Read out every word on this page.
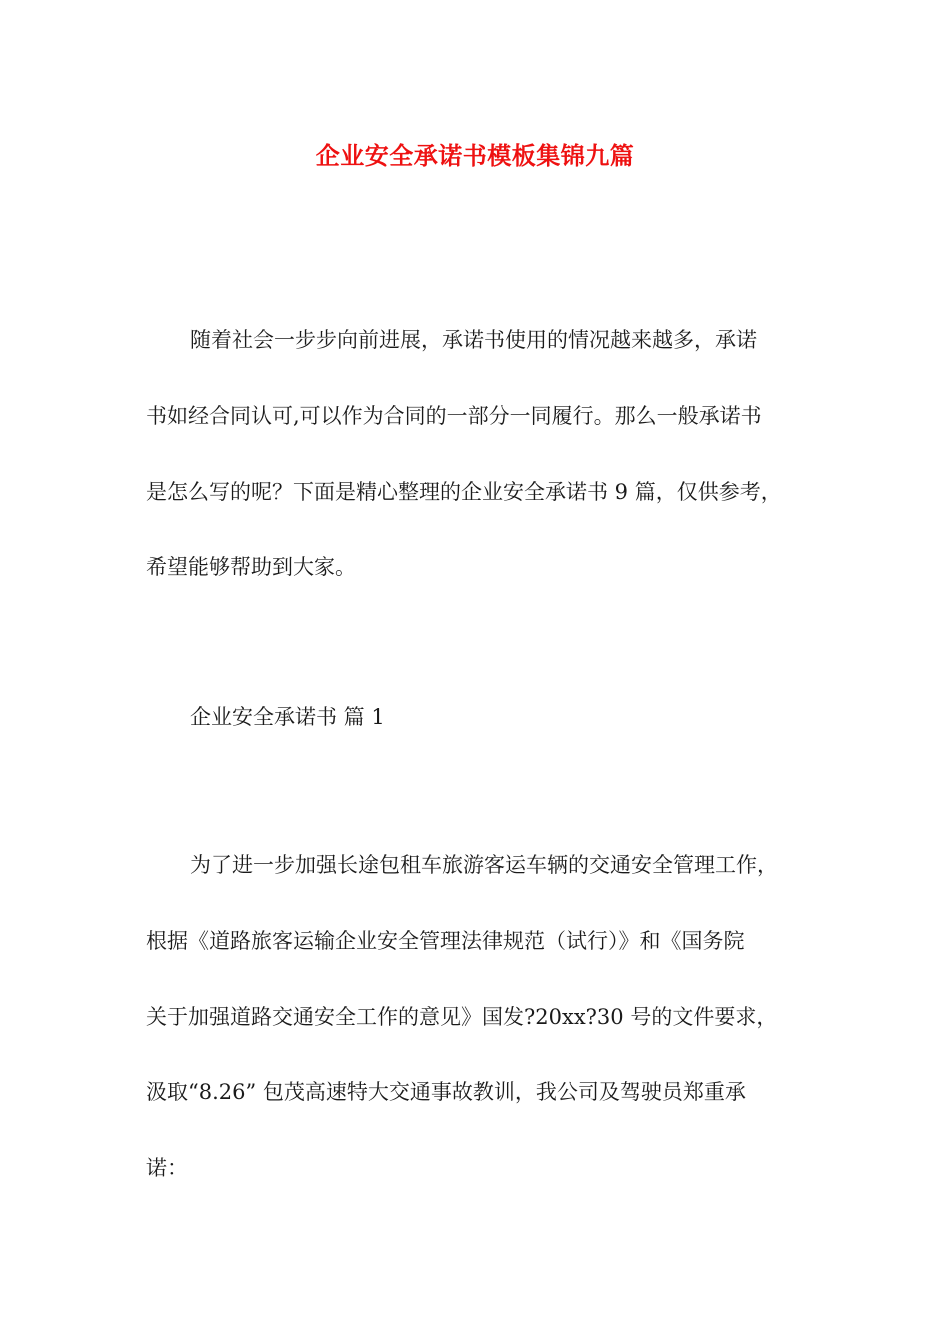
企业安全承诺书模板集锦九篇
随着社会一步步向前进展，承诺书使用的情况越来越多，承诺
书如经合同认可,可以作为合同的一部分一同履行。那么一般承诺书
是怎么写的呢？下面是精心整理的企业安全承诺书 9 篇，仅供参考，
希望能够帮助到大家。
企业安全承诺书 篇 1
为了进一步加强长途包租车旅游客运车辆的交通安全管理工作，
根据《道路旅客运输企业安全管理法律规范（试行）》和《国务院
关于加强道路交通安全工作的意见》国发?20xx?30 号的文件要求，
汲取“8.26” 包茂高速特大交通事故教训，我公司及驾驶员郑重承
诺：
